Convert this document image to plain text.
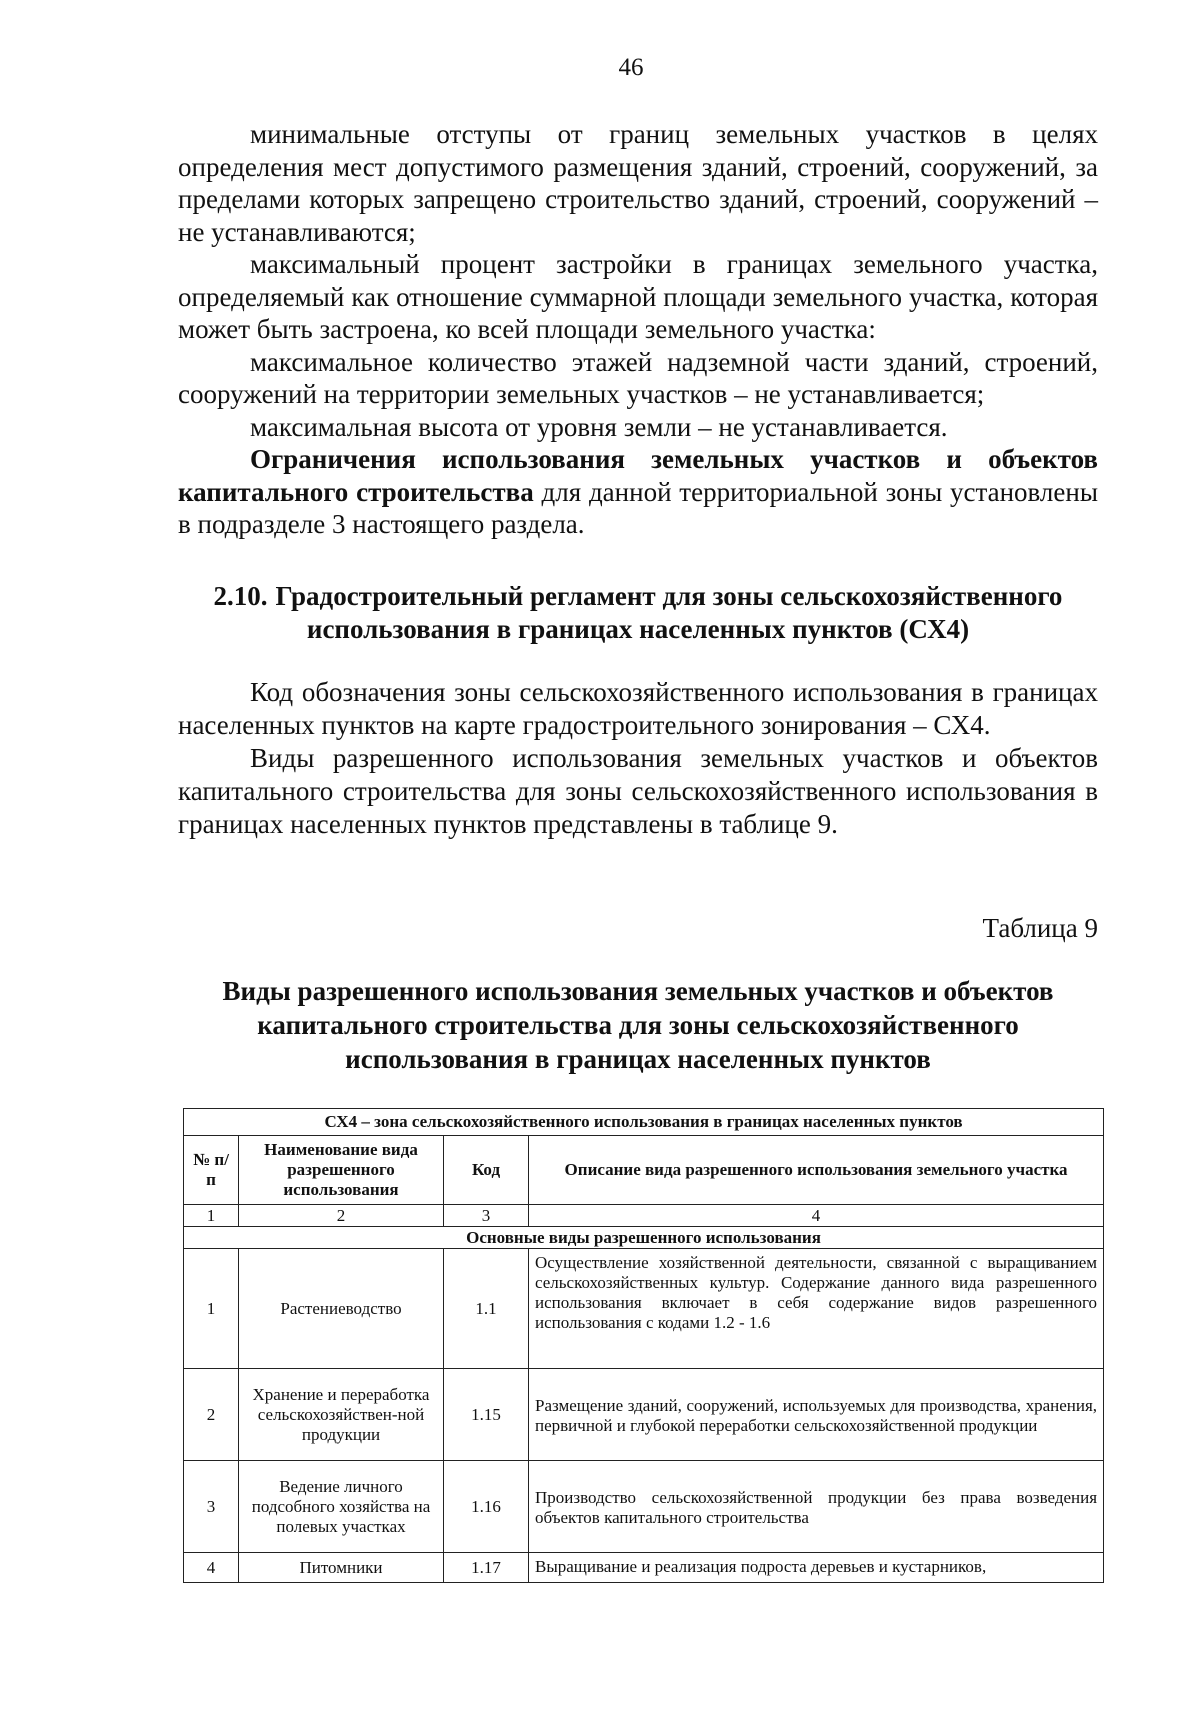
46

минимальные отступы от границ земельных участков в целях определения мест допустимого размещения зданий, строений, сооружений, за пределами которых запрещено строительство зданий, строений, сооружений – не устанавливаются;

максимальный процент застройки в границах земельного участка, определяемый как отношение суммарной площади земельного участка, которая может быть застроена, ко всей площади земельного участка:

максимальное количество этажей надземной части зданий, строений, сооружений на территории земельных участков – не устанавливается;

максимальная высота от уровня земли – не устанавливается.

Ограничения использования земельных участков и объектов капитального строительства для данной территориальной зоны установлены в подразделе 3 настоящего раздела.

2.10. Градостроительный регламент для зоны сельскохозяйственного использования в границах населенных пунктов (СХ4)

Код обозначения зоны сельскохозяйственного использования в границах населенных пунктов на карте градостроительного зонирования – СХ4.

Виды разрешенного использования земельных участков и объектов капитального строительства для зоны сельскохозяйственного использования в границах населенных пунктов представлены в таблице 9.

Таблица 9
Виды разрешенного использования земельных участков и объектов капитального строительства для зоны сельскохозяйственного использования в границах населенных пунктов
СХ4 – зона сельскохозяйственного использования в границах населенных пунктов			
№ п/п	Наименование вида разрешенного использования	Код	Описание вида разрешенного использования земельного участка
1	2	3	4
Основные виды разрешенного использования			
1	Растениеводство	1.1	Осуществление хозяйственной деятельности, связанной с выращиванием сельскохозяйственных культур. Содержание данного вида разрешенного использования включает в себя содержание видов разрешенного использования с кодами 1.2 - 1.6
2	Хранение и переработка сельскохозяйствен-ной продукции	1.15	Размещение зданий, сооружений, используемых для производства, хранения, первичной и глубокой переработки сельскохозяйственной продукции
3	Ведение личного подсобного хозяйства на полевых участках	1.16	Производство сельскохозяйственной продукции без права возведения объектов капитального строительства
4	Питомники	1.17	Выращивание и реализация подроста деревьев и кустарников,
